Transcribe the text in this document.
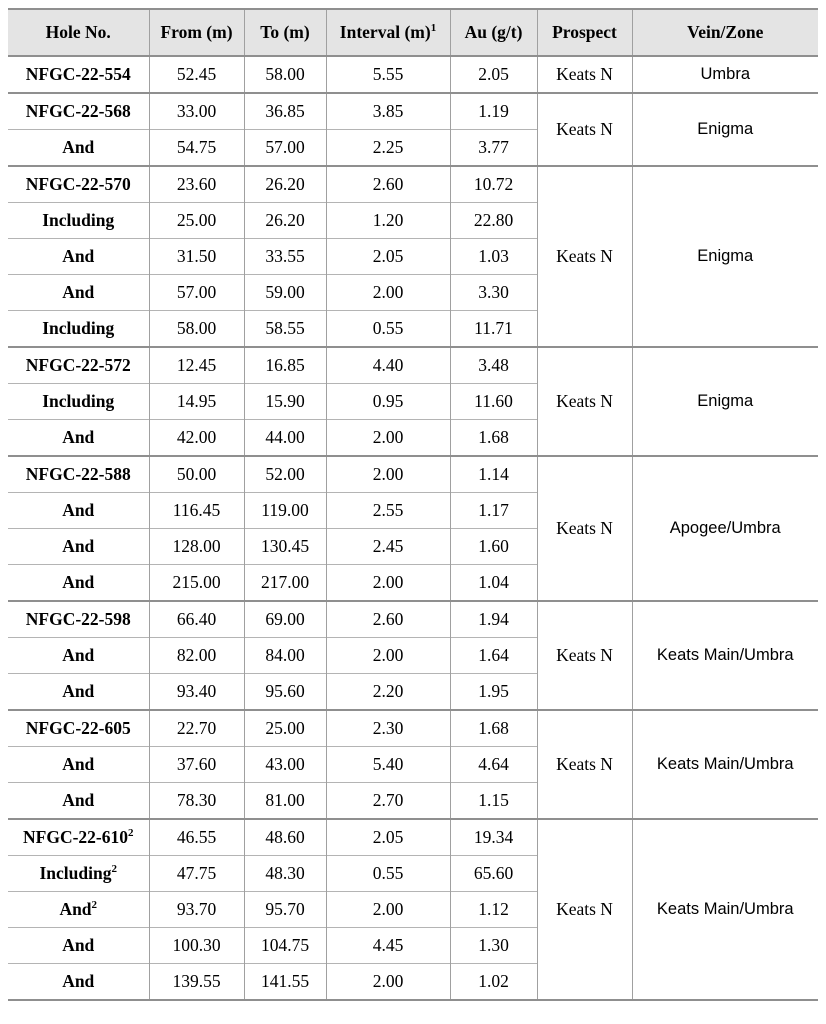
Hole No.	From (m)	To (m)	Interval $(m)^1$	Au (g/t)	Prospect	Vein/Zone
NFGC-22-554	52.45	58.00	5.55	2.05	Keats N	Umbra
NFGC-22-568	33.00	36.85	3.85	1.19	Keats N	Enigma
And	54.75	57.00	2.25	3.77		
NFGC-22-570	23.60	26.20	2.60	10.72	Keats N	Enigma
Including	25.00	26.20	1.20	22.80		
And	31.50	33.55	2.05	1.03		
And	57.00	59.00	2.00	3.30		
Including	58.00	58.55	0.55	11.71		
NFGC-22-572	12.45	16.85	4.40	3.48	Keats N	Enigma
Including	14.95	15.90	0.95	11.60		
And	42.00	44.00	2.00	1.68		
NFGC-22-588	50.00	52.00	2.00	1.14	Keats N	Apogee/Umbra
And	116.45	119.00	2.55	1.17		
And	128.00	130.45	2.45	1.60		
And	215.00	217.00	2.00	1.04		
NFGC-22-598	66.40	69.00	2.60	1.94	Keats N	Keats Main/Umbra
And	82.00	84.00	2.00	1.64		
And	93.40	95.60	2.20	1.95		
NFGC-22-605	22.70	25.00	2.30	1.68	Keats N	Keats Main/Umbra
And	37.60	43.00	5.40	4.64		
And	78.30	81.00	2.70	1.15		
NFGC-$22-610^2$	46.55	48.60	2.05	19.34	Keats N	Keats Main/Umbra
Including$^2$	47.75	48.30	0.55	65.60		
And$^2$	93.70	95.70	2.00	1.12		
And	100.30	104.75	4.45	1.30		
And	139.55	141.55	2.00	1.02		
